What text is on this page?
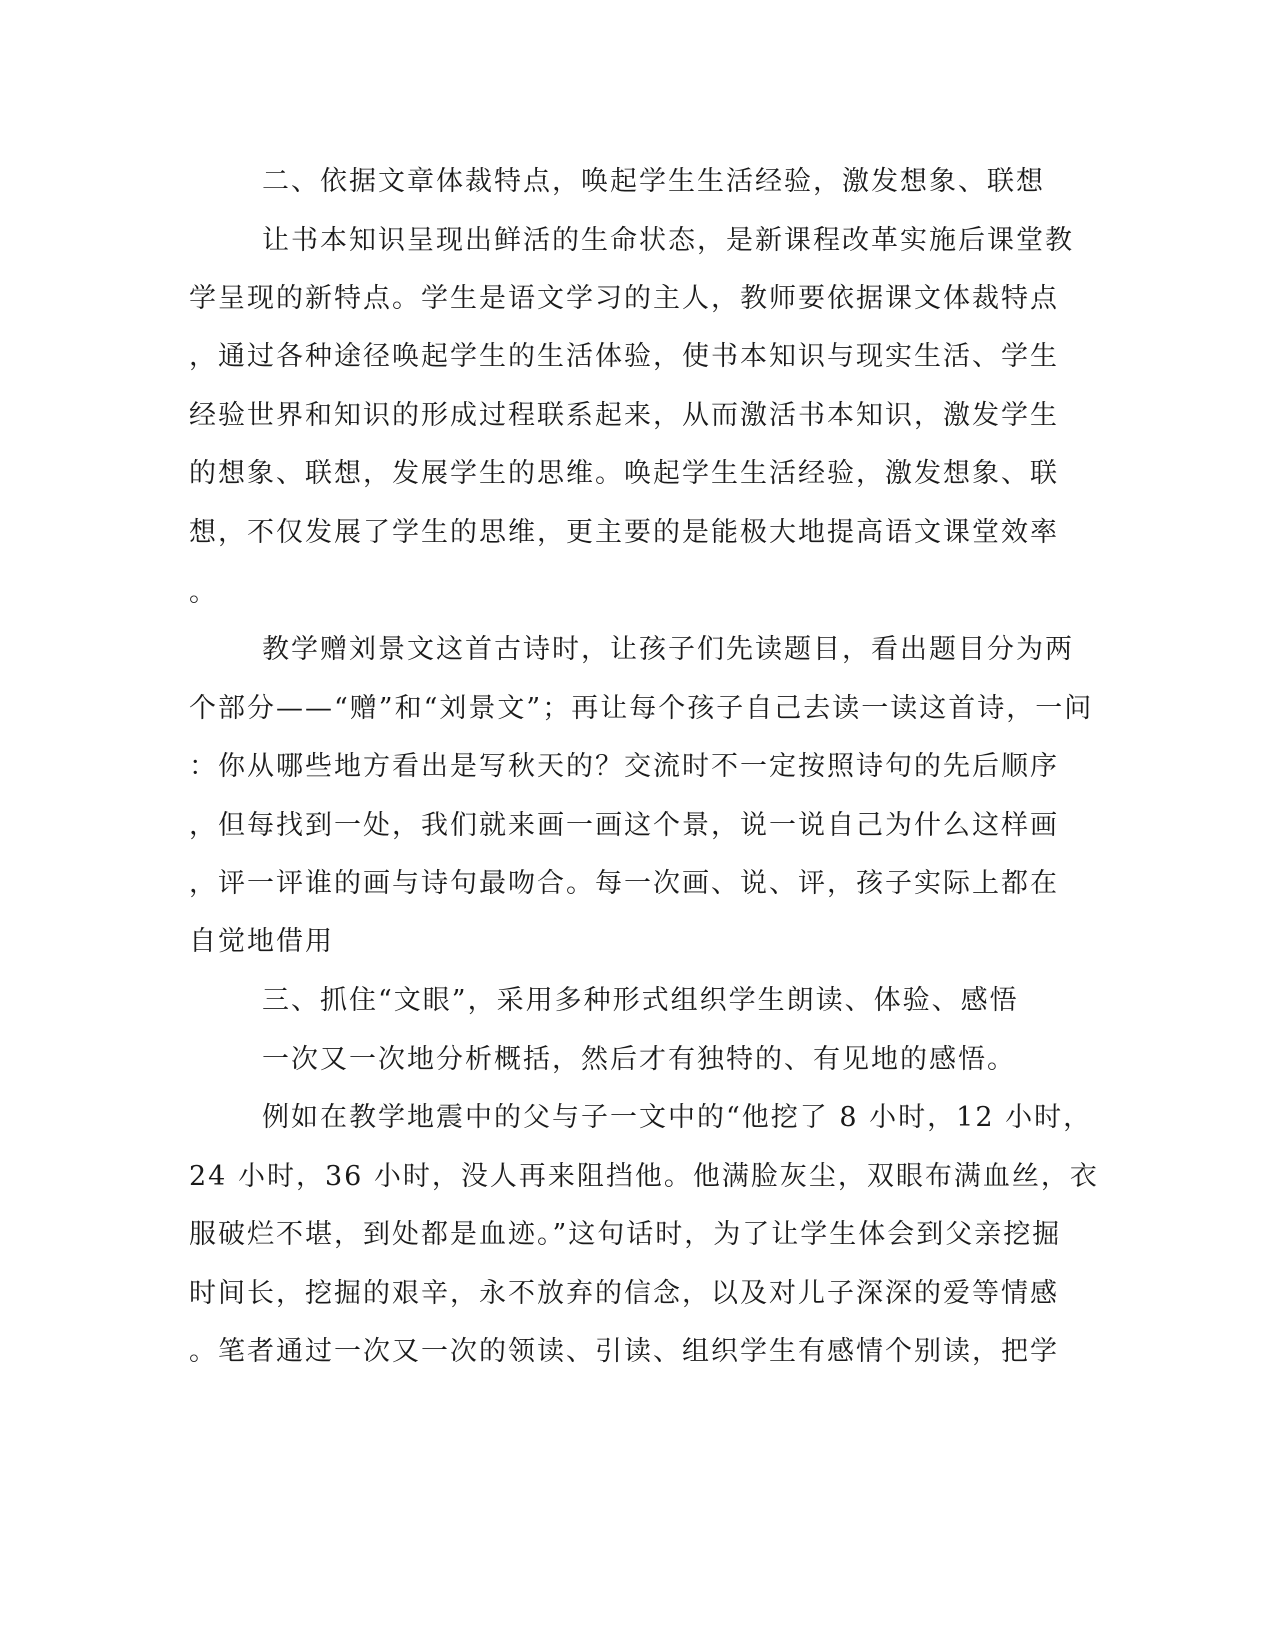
二、依据文章体裁特点，唤起学生生活经验，激发想象、联想
让书本知识呈现出鲜活的生命状态，是新课程改革实施后课堂教
学呈现的新特点。学生是语文学习的主人，教师要依据课文体裁特点
，通过各种途径唤起学生的生活体验，使书本知识与现实生活、学生
经验世界和知识的形成过程联系起来，从而激活书本知识，激发学生
的想象、联想，发展学生的思维。唤起学生生活经验，激发想象、联
想，不仅发展了学生的思维，更主要的是能极大地提高语文课堂效率
。
教学赠刘景文这首古诗时，让孩子们先读题目，看出题目分为两
个部分——“赠”和“刘景文”；再让每个孩子自己去读一读这首诗，一问
：你从哪些地方看出是写秋天的？交流时不一定按照诗句的先后顺序
，但每找到一处，我们就来画一画这个景，说一说自己为什么这样画
，评一评谁的画与诗句最吻合。每一次画、说、评，孩子实际上都在
自觉地借用
三、抓住“文眼”，采用多种形式组织学生朗读、体验、感悟
一次又一次地分析概括，然后才有独特的、有见地的感悟。
例如在教学地震中的父与子一文中的“他挖了 8 小时，12 小时，
24 小时，36 小时，没人再来阻挡他。他满脸灰尘，双眼布满血丝，衣
服破烂不堪，到处都是血迹。”这句话时，为了让学生体会到父亲挖掘
时间长，挖掘的艰辛，永不放弃的信念，以及对儿子深深的爱等情感
。笔者通过一次又一次的领读、引读、组织学生有感情个别读，把学
